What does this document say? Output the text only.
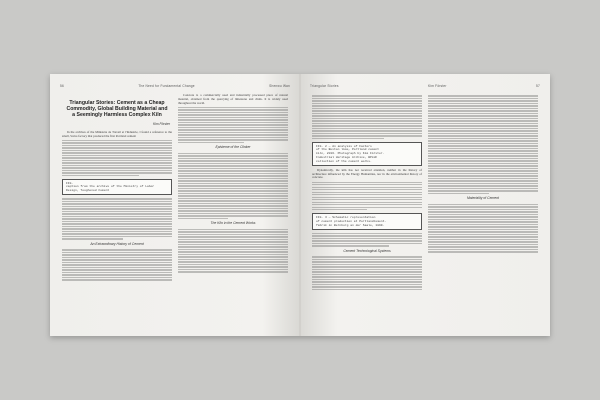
56	The Need for Fundamental Change	Shenwu Wan
Triangular Stories: Cement as a Cheap Commodity, Global Building Material and a Seemingly Harmless Complex Kiln
Kim Förster

In the archives of the Ministère de Travail et l'Industrie, I found a reference to the small, Swiss factory that produced the first Portland cement

FIG.
caption from the archive of the Ministry of Labor
Design, Toughened Cement
An Extraordinary History of Cement

Concrete is a commercially used and industrially processed piece of natural material, obtained from the quarrying of limestone and chalk. It is widely used throughout the world.

Episteme of the Clinker
The Kiln in the Cement Works
Triangular Stories	Kim Förster	57
FIG. 2 — An analysis of Factors
of the Buxton lime, Portland cement
kiln, 2016. Photograph by Kim Förster.
Industrial Heritage Archive, BPLHC
collection of the cement works.

Dynamically, the kiln has not received attention, neither in the history of architecture influenced by the Energy Humanities, nor in the environmental history of concrete.

FIG. 3 — Schematic representation
of cement production at Portlandzement-
fabrik in Bernburg an der Saale, 1899.
Cement Technological Systems
Materiality of Cement
